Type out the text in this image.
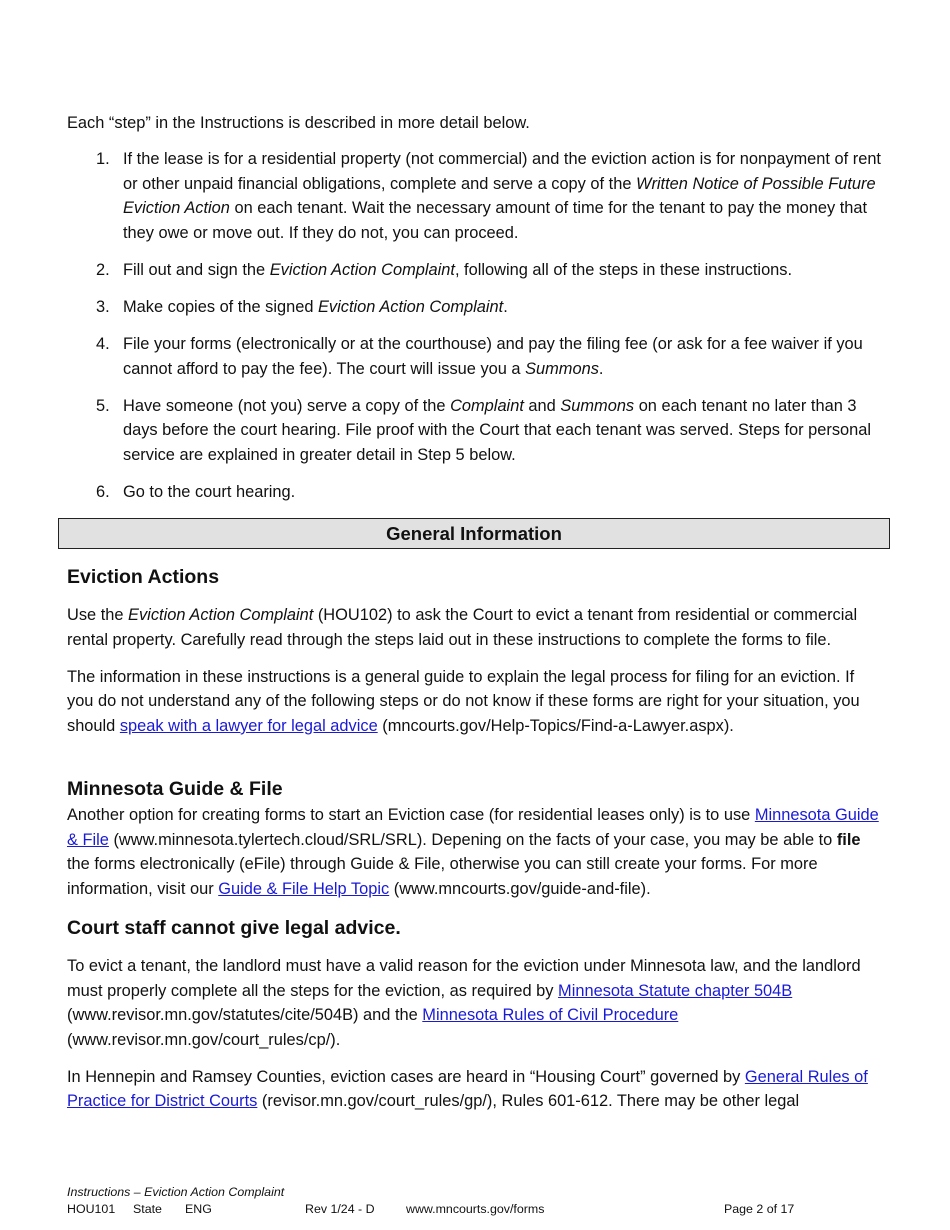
Each “step” in the Instructions is described in more detail below.

1. If the lease is for a residential property (not commercial) and the eviction action is for nonpayment of rent or other unpaid financial obligations, complete and serve a copy of the Written Notice of Possible Future Eviction Action on each tenant. Wait the necessary amount of time for the tenant to pay the money that they owe or move out. If they do not, you can proceed.
2. Fill out and sign the Eviction Action Complaint, following all of the steps in these instructions.
3. Make copies of the signed Eviction Action Complaint.
4. File your forms (electronically or at the courthouse) and pay the filing fee (or ask for a fee waiver if you cannot afford to pay the fee). The court will issue you a Summons.
5. Have someone (not you) serve a copy of the Complaint and Summons on each tenant no later than 3 days before the court hearing. File proof with the Court that each tenant was served. Steps for personal service are explained in greater detail in Step 5 below.
6. Go to the court hearing.
Eviction Actions

Use the Eviction Action Complaint (HOU102) to ask the Court to evict a tenant from residential or commercial rental property. Carefully read through the steps laid out in these instructions to complete the forms to file.

The information in these instructions is a general guide to explain the legal process for filing for an eviction. If you do not understand any of the following steps or do not know if these forms are right for your situation, you should speak with a lawyer for legal advice (mncourts.gov/Help-Topics/Find-a-Lawyer.aspx).

Minnesota Guide & File

Another option for creating forms to start an Eviction case (for residential leases only) is to use Minnesota Guide & File (www.minnesota.tylertech.cloud/SRL/SRL). Depening on the facts of your case, you may be able to file the forms electronically (eFile) through Guide & File, otherwise you can still create your forms. For more information, visit our Guide & File Help Topic (www.mncourts.gov/guide-and-file).

Court staff cannot give legal advice.

To evict a tenant, the landlord must have a valid reason for the eviction under Minnesota law, and the landlord must properly complete all the steps for the eviction, as required by Minnesota Statute chapter 504B (www.revisor.mn.gov/statutes/cite/504B) and the Minnesota Rules of Civil Procedure (www.revisor.mn.gov/court_rules/cp/).

In Hennepin and Ramsey Counties, eviction cases are heard in “Housing Court” governed by General Rules of Practice for District Courts (revisor.mn.gov/court_rules/gp/), Rules 601-612. There may be other legal

General Information
Instructions – Eviction Action Complaint
HOU101 State ENG	Rev 1/24 - D	www.mncourts.gov/forms	Page 2 of 17
